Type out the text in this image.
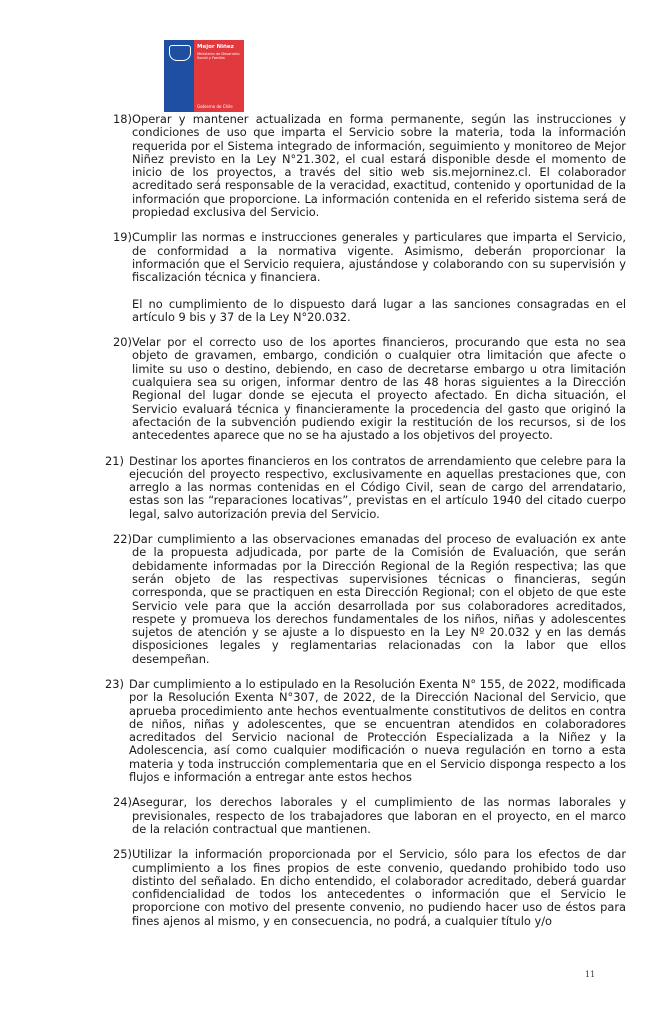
Mejor Niñez
Ministerio de Desarrollo Social y Familia
Gobierno de Chile
18) Operar y mantener actualizada en forma permanente, según las instrucciones y condiciones de uso que imparta el Servicio sobre la materia, toda la información requerida por el Sistema integrado de información, seguimiento y monitoreo de Mejor Niñez previsto en la Ley N°21.302, el cual estará disponible desde el momento de inicio de los proyectos, a través del sitio web sis.mejorninez.cl. El colaborador acreditado será responsable de la veracidad, exactitud, contenido y oportunidad de la información que proporcione. La información contenida en el referido sistema será de propiedad exclusiva del Servicio.

19) Cumplir las normas e instrucciones generales y particulares que imparta el Servicio, de conformidad a la normativa vigente. Asimismo, deberán proporcionar la información que el Servicio requiera, ajustándose y colaborando con su supervisión y fiscalización técnica y financiera.

El no cumplimiento de lo dispuesto dará lugar a las sanciones consagradas en el artículo 9 bis y 37 de la Ley N°20.032.

20) Velar por el correcto uso de los aportes financieros, procurando que esta no sea objeto de gravamen, embargo, condición o cualquier otra limitación que afecte o limite su uso o destino, debiendo, en caso de decretarse embargo u otra limitación cualquiera sea su origen, informar dentro de las 48 horas siguientes a la Dirección Regional del lugar donde se ejecuta el proyecto afectado. En dicha situación, el Servicio evaluará técnica y financieramente la procedencia del gasto que originó la afectación de la subvención pudiendo exigir la restitución de los recursos, si de los antecedentes aparece que no se ha ajustado a los objetivos del proyecto.

21) Destinar los aportes financieros en los contratos de arrendamiento que celebre para la ejecución del proyecto respectivo, exclusivamente en aquellas prestaciones que, con arreglo a las normas contenidas en el Código Civil, sean de cargo del arrendatario, estas son las “reparaciones locativas”, previstas en el artículo 1940 del citado cuerpo legal, salvo autorización previa del Servicio.

22) Dar cumplimiento a las observaciones emanadas del proceso de evaluación ex ante de la propuesta adjudicada, por parte de la Comisión de Evaluación, que serán debidamente informadas por la Dirección Regional de la Región respectiva; las que serán objeto de las respectivas supervisiones técnicas o financieras, según corresponda, que se practiquen en esta Dirección Regional; con el objeto de que este Servicio vele para que la acción desarrollada por sus colaboradores acreditados, respete y promueva los derechos fundamentales de los niños, niñas y adolescentes sujetos de atención y se ajuste a lo dispuesto en la Ley Nº 20.032 y en las demás disposiciones legales y reglamentarias relacionadas con la labor que ellos desempeñan.

23) Dar cumplimiento a lo estipulado en la Resolución Exenta N° 155, de 2022, modificada por la Resolución Exenta N°307, de 2022, de la Dirección Nacional del Servicio, que aprueba procedimiento ante hechos eventualmente constitutivos de delitos en contra de niños, niñas y adolescentes, que se encuentran atendidos en colaboradores acreditados del Servicio nacional de Protección Especializada a la Niñez y la Adolescencia, así como cualquier modificación o nueva regulación en torno a esta materia y toda instrucción complementaria que en el Servicio disponga respecto a los flujos e información a entregar ante estos hechos

24) Asegurar, los derechos laborales y el cumplimiento de las normas laborales y previsionales, respecto de los trabajadores que laboran en el proyecto, en el marco de la relación contractual que mantienen.

25) Utilizar la información proporcionada por el Servicio, sólo para los efectos de dar cumplimiento a los fines propios de este convenio, quedando prohibido todo uso distinto del señalado. En dicho entendido, el colaborador acreditado, deberá guardar confidencialidad de todos los antecedentes o información que el Servicio le proporcione con motivo del presente convenio, no pudiendo hacer uso de éstos para fines ajenos al mismo, y en consecuencia, no podrá, a cualquier título y/o

11
